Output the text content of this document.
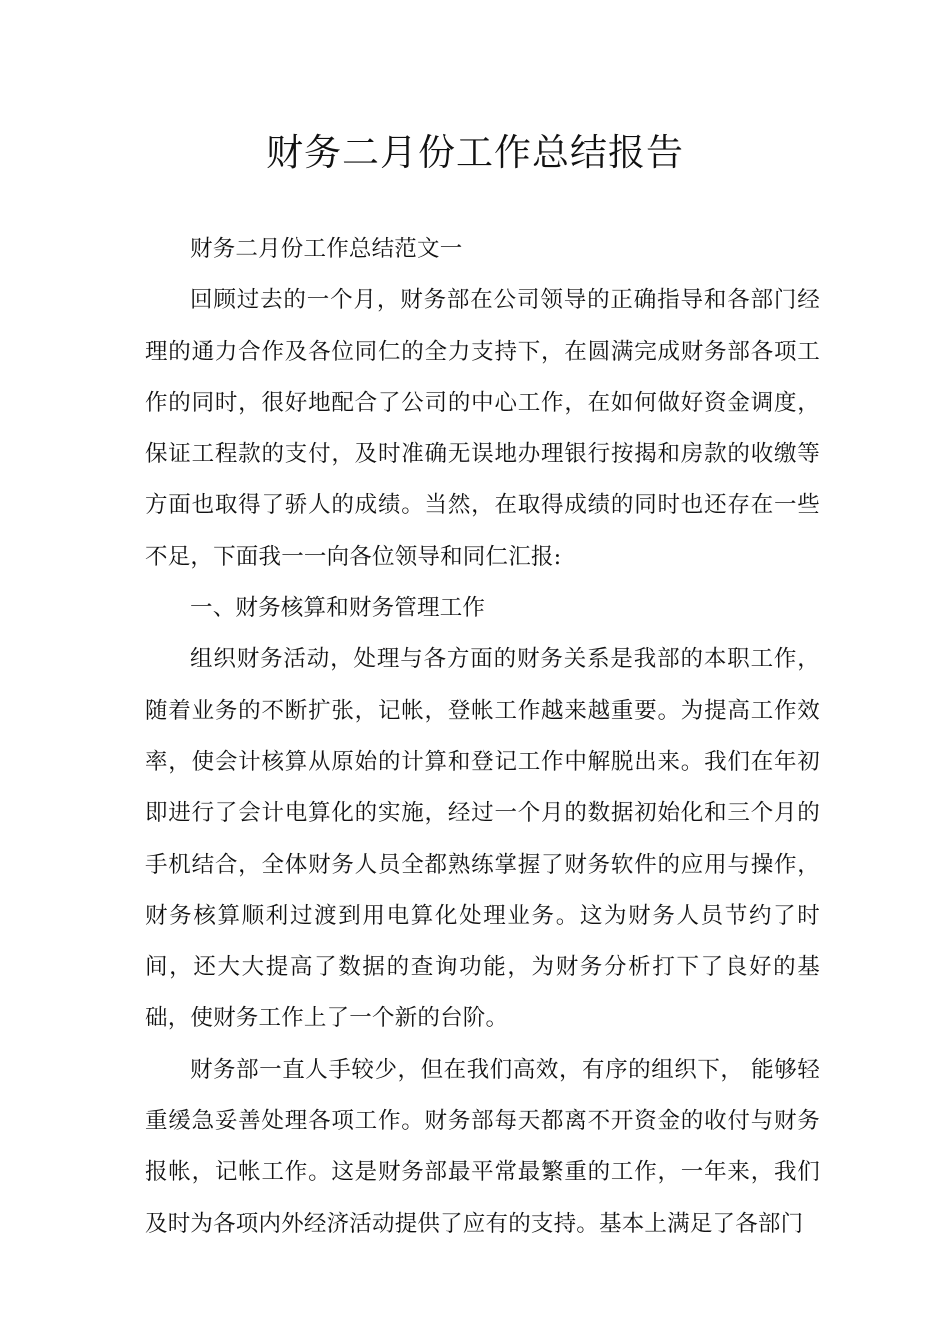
财务二月份工作总结报告

财务二月份工作总结范文一

回顾过去的一个月，财务部在公司领导的正确指导和各部门经理的通力合作及各位同仁的全力支持下，在圆满完成财务部各项工作的同时，很好地配合了公司的中心工作，在如何做好资金调度，保证工程款的支付，及时准确无误地办理银行按揭和房款的收缴等方面也取得了骄人的成绩。当然，在取得成绩的同时也还存在一些不足，下面我一一向各位领导和同仁汇报:

一、财务核算和财务管理工作

组织财务活动，处理与各方面的财务关系是我部的本职工作，随着业务的不断扩张，记帐，登帐工作越来越重要。为提高工作效率，使会计核算从原始的计算和登记工作中解脱出来。我们在年初即进行了会计电算化的实施，经过一个月的数据初始化和三个月的手机结合，全体财务人员全都熟练掌握了财务软件的应用与操作，财务核算顺利过渡到用电算化处理业务。这为财务人员节约了时间，还大大提高了数据的查询功能，为财务分析打下了良好的基础，使财务工作上了一个新的台阶。

财务部一直人手较少，但在我们高效，有序的组织下， 能够轻重缓急妥善处理各项工作。财务部每天都离不开资金的收付与财务报帐，记帐工作。这是财务部最平常最繁重的工作，一年来，我们及时为各项内外经济活动提供了应有的支持。基本上满足了各部门
